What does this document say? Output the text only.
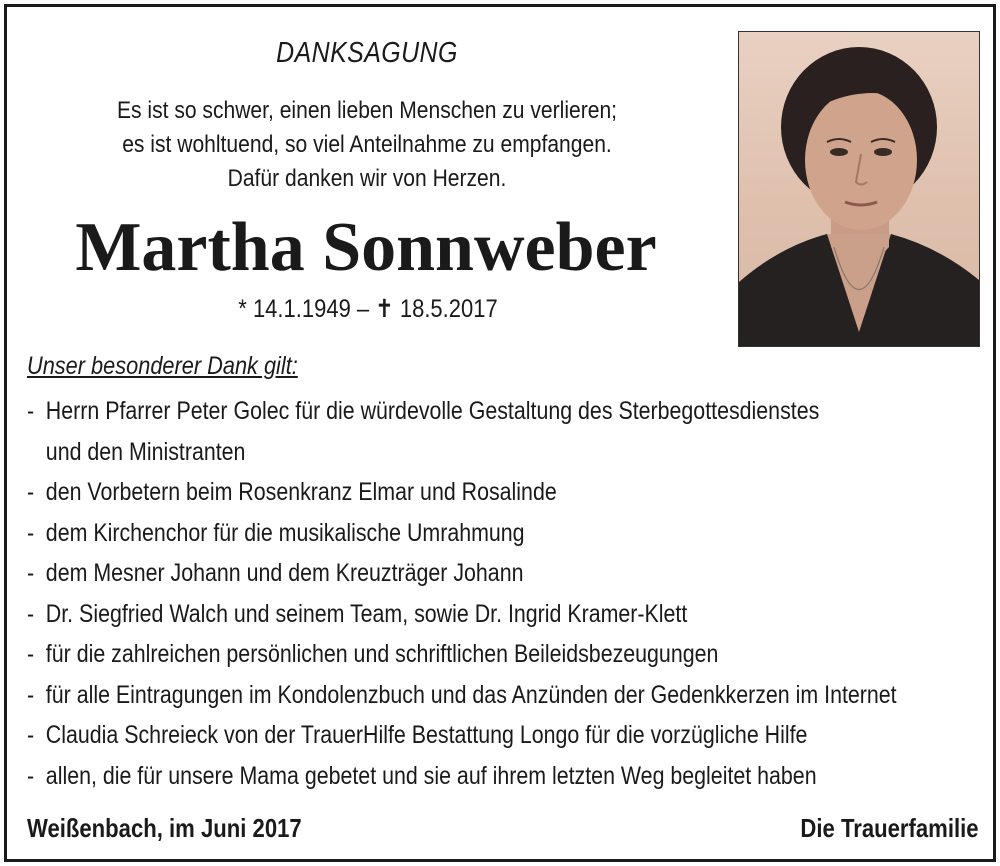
DANKSAGUNG
Es ist so schwer, einen lieben Menschen zu verlieren;
es ist wohltuend, so viel Anteilnahme zu empfangen.
Dafür danken wir von Herzen.
Martha Sonnweber
* 14.1.1949 – ✝ 18.5.2017
Unser besonderer Dank gilt:
- Herrn Pfarrer Peter Golec für die würdevolle Gestaltung des Sterbegottesdienstes
und den Ministranten
- den Vorbetern beim Rosenkranz Elmar und Rosalinde
- dem Kirchenchor für die musikalische Umrahmung
- dem Mesner Johann und dem Kreuzträger Johann
- Dr. Siegfried Walch und seinem Team, sowie Dr. Ingrid Kramer-Klett
- für die zahlreichen persönlichen und schriftlichen Beileidsbezeugungen
- für alle Eintragungen im Kondolenzbuch und das Anzünden der Gedenkkerzen im Internet
- Claudia Schreieck von der TrauerHilfe Bestattung Longo für die vorzügliche Hilfe
- allen, die für unsere Mama gebetet und sie auf ihrem letzten Weg begleitet haben
Weißenbach, im Juni 2017	Die Trauerfamilie
